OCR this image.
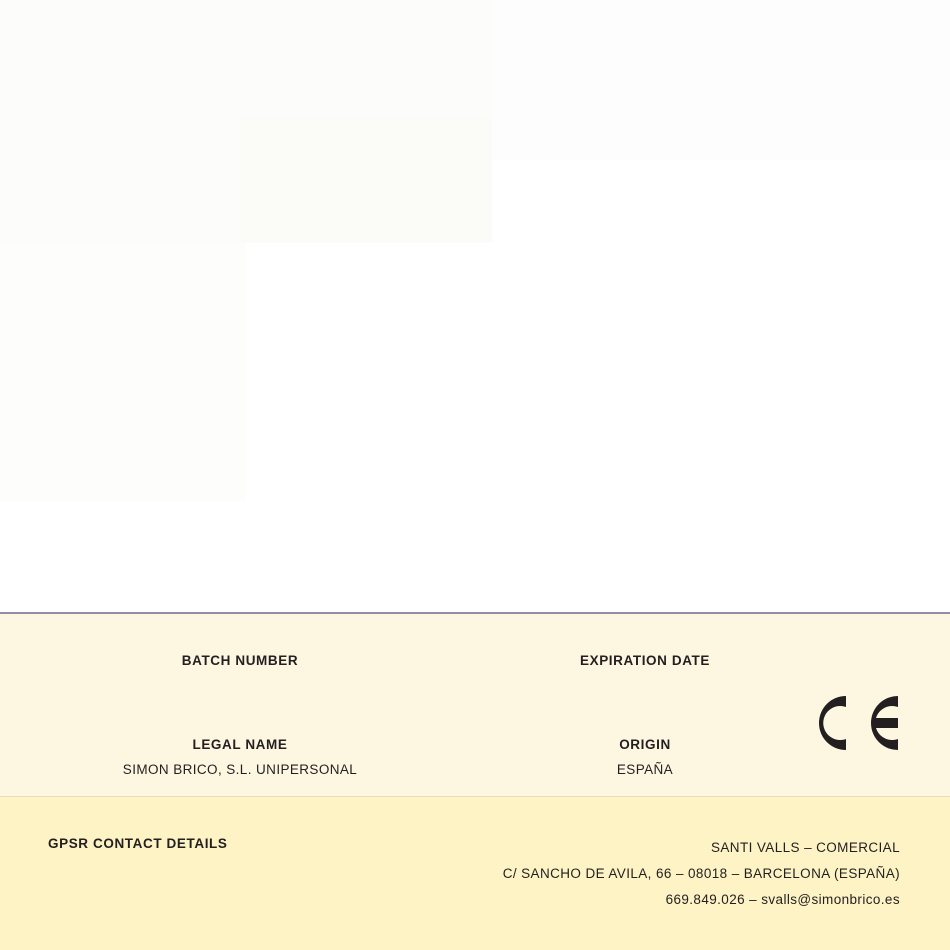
BATCH NUMBER	EXPIRATION DATE
LEGAL NAME
SIMON BRICO, S.L. UNIPERSONAL
ORIGIN
ESPAÑA
GPSR CONTACT DETAILS	SANTI VALLS – COMERCIAL
C/ SANCHO DE AVILA, 66 – 08018 – BARCELONA (ESPAÑA)
669.849.026 – svalls@simonbrico.es
